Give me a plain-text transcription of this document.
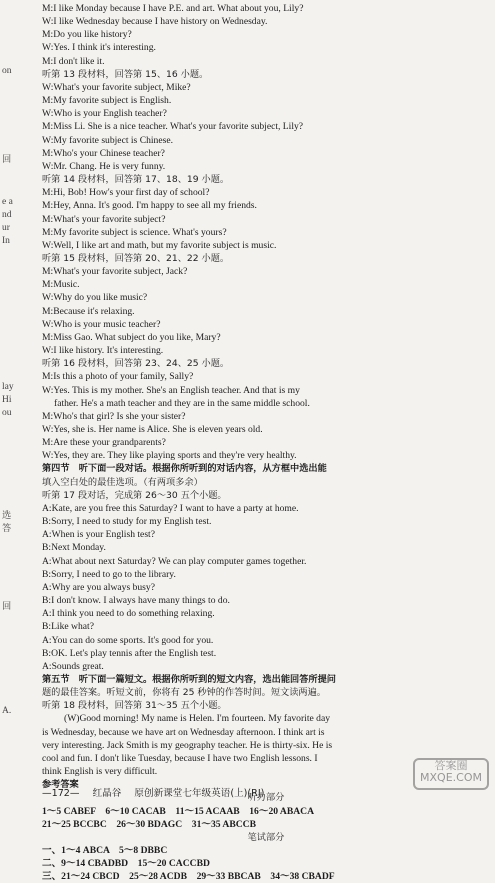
on
回
e a
nd
ur
In
lay
Hi
ou
选
答
回
A.
M:I like Monday because I have P.E. and art. What about you, Lily?
W:I like Wednesday because I have history on Wednesday.
M:Do you like history?
W:Yes. I think it's interesting.
M:I don't like it.
听第 13 段材料，回答第 15、16 小题。
W:What's your favorite subject, Mike?
M:My favorite subject is English.
W:Who is your English teacher?
M:Miss Li. She is a nice teacher. What's your favorite subject, Lily?
W:My favorite subject is Chinese.
M:Who's your Chinese teacher?
W:Mr. Chang. He is very funny.
听第 14 段材料，回答第 17、18、19 小题。
M:Hi, Bob! How's your first day of school?
M:Hey, Anna. It's good. I'm happy to see all my friends.
M:What's your favorite subject?
M:My favorite subject is science. What's yours?
W:Well, I like art and math, but my favorite subject is music.
听第 15 段材料，回答第 20、21、22 小题。
M:What's your favorite subject, Jack?
M:Music.
W:Why do you like music?
M:Because it's relaxing.
W:Who is your music teacher?
M:Miss Gao. What subject do you like, Mary?
W:I like history. It's interesting.
听第 16 段材料，回答第 23、24、25 小题。
M:Is this a photo of your family, Sally?
W:Yes. This is my mother. She's an English teacher. And that is my
father. He's a math teacher and they are in the same middle school.
M:Who's that girl? Is she your sister?
W:Yes, she is. Her name is Alice. She is eleven years old.
M:Are these your grandparents?
W:Yes, they are. They like playing sports and they're very healthy.
第四节　听下面一段对话。根据你所听到的对话内容，从方框中选出能
填入空白处的最佳选项。（有两项多余）
听第 17 段对话，完成第 26～30 五个小题。
A:Kate, are you free this Saturday? I want to have a party at home.
B:Sorry, I need to study for my English test.
A:When is your English test?
B:Next Monday.
A:What about next Saturday? We can play computer games together.
B:Sorry, I need to go to the library.
A:Why are you always busy?
B:I don't know. I always have many things to do.
A:I think you need to do something relaxing.
B:Like what?
A:You can do some sports. It's good for you.
B:OK. Let's play tennis after the English test.
A:Sounds great.
第五节　听下面一篇短文。根据你所听到的短文内容，选出能回答所提问
题的最佳答案。听短文前，你将有 25 秒钟的作答时间。短文读两遍。
听第 18 段材料，回答第 31～35 五个小题。
(W)Good morning! My name is Helen. I'm fourteen. My favorite day
is Wednesday, because we have art on Wednesday afternoon. I think art is
very interesting. Jack Smith is my geography teacher. He is thirty-six. He is
cool and fun. I don't like Tuesday, because I have two English lessons. I
think English is very difficult.
参考答案
听力部分
1～5 CABEF　6～10 CACAB　11～15 ACAAB　16～20 ABACA
21～25 BCCBC　26～30 BDAGC　31～35 ABCCB
笔试部分
一、1～4 ABCA　5～8 DBBC
二、9～14 CBADBD　15～20 CACCBD
三、21～24 CBCD　25～28 ACDB　29～33 BBCAB　34～38 CBADF
—172— 红晶谷 原创新课堂七年级英语(上)(RJ)
答案圈
MXQE.COM
